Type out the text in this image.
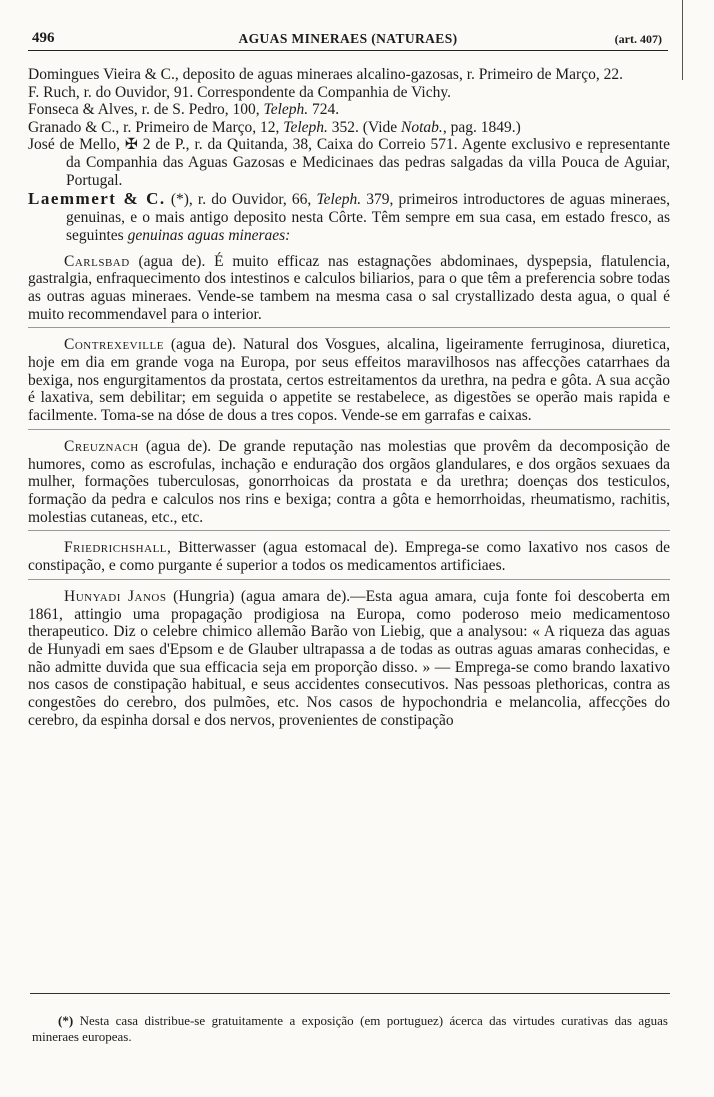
496	AGUAS MINERAES (NATURAES)	(art. 407)

Domingues Vieira & C., deposito de aguas mineraes alcalino-gazosas, r. Primeiro de Março, 22.

F. Ruch, r. do Ouvidor, 91. Correspondente da Companhia de Vichy.

Fonseca & Alves, r. de S. Pedro, 100, Teleph. 724.

Granado & C., r. Primeiro de Março, 12, Teleph. 352. (Vide Notab., pag. 1849.)

José de Mello, ✠ 2 de P., r. da Quitanda, 38, Caixa do Correio 571. Agente exclusivo e representante da Companhia das Aguas Gazosas e Medicinaes das pedras salgadas da villa Pouca de Aguiar, Portugal.

Laemmert & C. (*), r. do Ouvidor, 66, Teleph. 379, primeiros introductores de aguas mineraes, genuinas, e o mais antigo deposito nesta Côrte. Têm sempre em sua casa, em estado fresco, as seguintes genuinas aguas mineraes:

Carlsbad (agua de). É muito efficaz nas estagnações abdominaes, dyspepsia, flatulencia, gastralgia, enfraquecimento dos intestinos e calculos biliarios, para o que têm a preferencia sobre todas as outras aguas mineraes. Vende-se tambem na mesma casa o sal crystallizado desta agua, o qual é muito recommendavel para o interior.

Contrexeville (agua de). Natural dos Vosgues, alcalina, ligeiramente ferruginosa, diuretica, hoje em dia em grande voga na Europa, por seus effeitos maravilhosos nas affecções catarrhaes da bexiga, nos engurgitamentos da prostata, certos estreitamentos da urethra, na pedra e gôta. A sua acção é laxativa, sem debilitar; em seguida o appetite se restabelece, as digestões se operão mais rapida e facilmente. Toma-se na dóse de dous a tres copos. Vende-se em garrafas e caixas.

Creuznach (agua de). De grande reputação nas molestias que provêm da decomposição de humores, como as escrofulas, inchação e enduração dos orgãos glandulares, e dos orgãos sexuaes da mulher, formações tuberculosas, gonorrhoicas da prostata e da urethra; doenças dos testiculos, formação da pedra e calculos nos rins e bexiga; contra a gôta e hemorrhoidas, rheumatismo, rachitis, molestias cutaneas, etc., etc.

Friedrichshall, Bitterwasser (agua estomacal de). Emprega-se como laxativo nos casos de constipação, e como purgante é superior a todos os medicamentos artificiaes.

Hunyadi Janos (Hungria) (agua amara de).—Esta agua amara, cuja fonte foi descoberta em 1861, attingio uma propagação prodigiosa na Europa, como poderoso meio medicamentoso therapeutico. Diz o celebre chimico allemão Barão von Liebig, que a analysou: « A riqueza das aguas de Hunyadi em saes d'Epsom e de Glauber ultrapassa a de todas as outras aguas amaras conhecidas, e não admitte duvida que sua efficacia seja em proporção disso. » — Emprega-se como brando laxativo nos casos de constipação habitual, e seus accidentes consecutivos. Nas pessoas plethoricas, contra as congestões do cerebro, dos pulmões, etc. Nos casos de hypochondria e melancolia, affecções do cerebro, da espinha dorsal e dos nervos, provenientes de constipação

(*) Nesta casa distribue-se gratuitamente a exposição (em portuguez) ácerca das virtudes curativas das aguas mineraes europeas.
